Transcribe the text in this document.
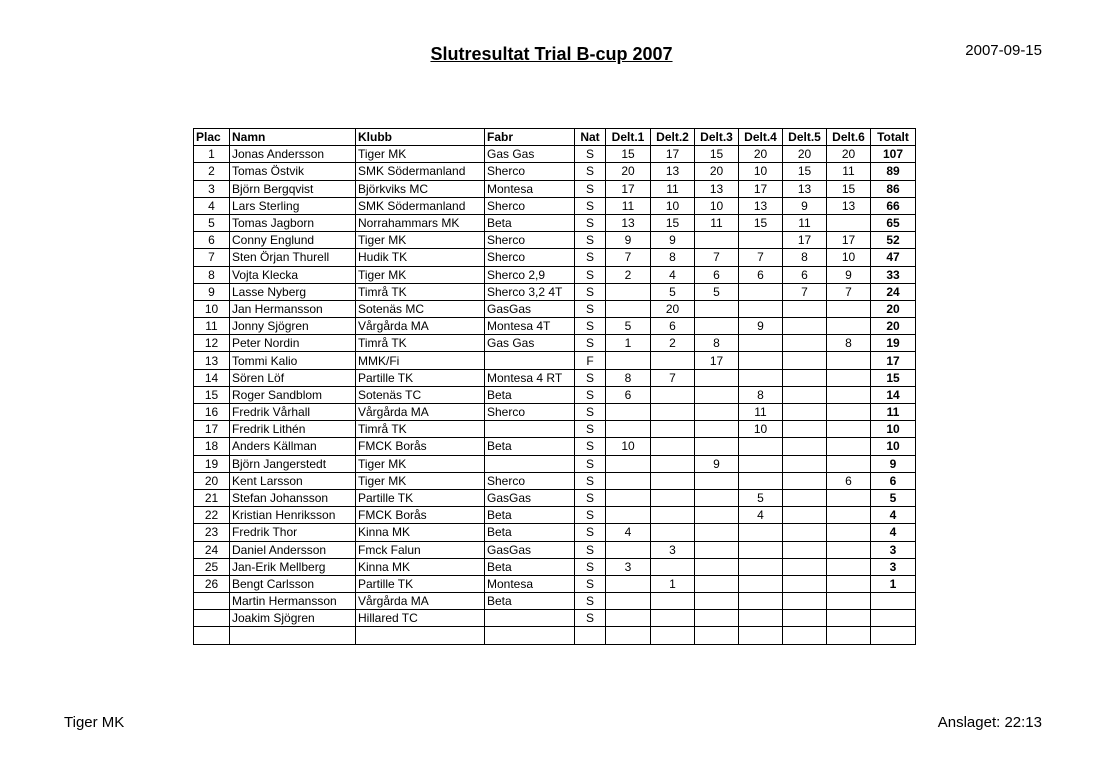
Slutresultat Trial B-cup 2007	2007-09-15
Plac	Namn	Klubb	Fabr	Nat	Delt.1	Delt.2	Delt.3	Delt.4	Delt.5	Delt.6	Totalt
1	Jonas Andersson	Tiger MK	Gas Gas	S	15	17	15	20	20	20	107
2	Tomas Östvik	SMK Södermanland	Sherco	S	20	13	20	10	15	11	89
3	Björn Bergqvist	Björkviks MC	Montesa	S	17	11	13	17	13	15	86
4	Lars Sterling	SMK Södermanland	Sherco	S	11	10	10	13	9	13	66
5	Tomas Jagborn	Norrahammars MK	Beta	S	13	15	11	15	11		65
6	Conny Englund	Tiger MK	Sherco	S	9	9			17	17	52
7	Sten Örjan Thurell	Hudik TK	Sherco	S	7	8	7	7	8	10	47
8	Vojta Klecka	Tiger MK	Sherco 2,9	S	2	4	6	6	6	9	33
9	Lasse Nyberg	Timrå TK	Sherco 3,2 4T	S		5	5		7	7	24
10	Jan Hermansson	Sotenäs MC	GasGas	S		20					20
11	Jonny Sjögren	Vårgårda MA	Montesa 4T	S	5	6		9			20
12	Peter Nordin	Timrå TK	Gas Gas	S	1	2	8			8	19
13	Tommi Kalio	MMK/Fi		F			17				17
14	Sören Löf	Partille TK	Montesa 4 RT	S	8	7					15
15	Roger Sandblom	Sotenäs TC	Beta	S	6			8			14
16	Fredrik Vårhall	Vårgårda MA	Sherco	S				11			11
17	Fredrik Lithén	Timrå TK		S				10			10
18	Anders Källman	FMCK Borås	Beta	S	10						10
19	Björn Jangerstedt	Tiger MK		S			9				9
20	Kent Larsson	Tiger MK	Sherco	S						6	6
21	Stefan Johansson	Partille TK	GasGas	S				5			5
22	Kristian Henriksson	FMCK Borås	Beta	S				4			4
23	Fredrik Thor	Kinna MK	Beta	S	4						4
24	Daniel Andersson	Fmck Falun	GasGas	S		3					3
25	Jan-Erik Mellberg	Kinna MK	Beta	S	3						3
26	Bengt Carlsson	Partille TK	Montesa	S		1					1
	Martin Hermansson	Vårgårda MA	Beta	S							
	Joakim Sjögren	Hillared TC		S							

Tiger MK	Anslaget: 22:13
